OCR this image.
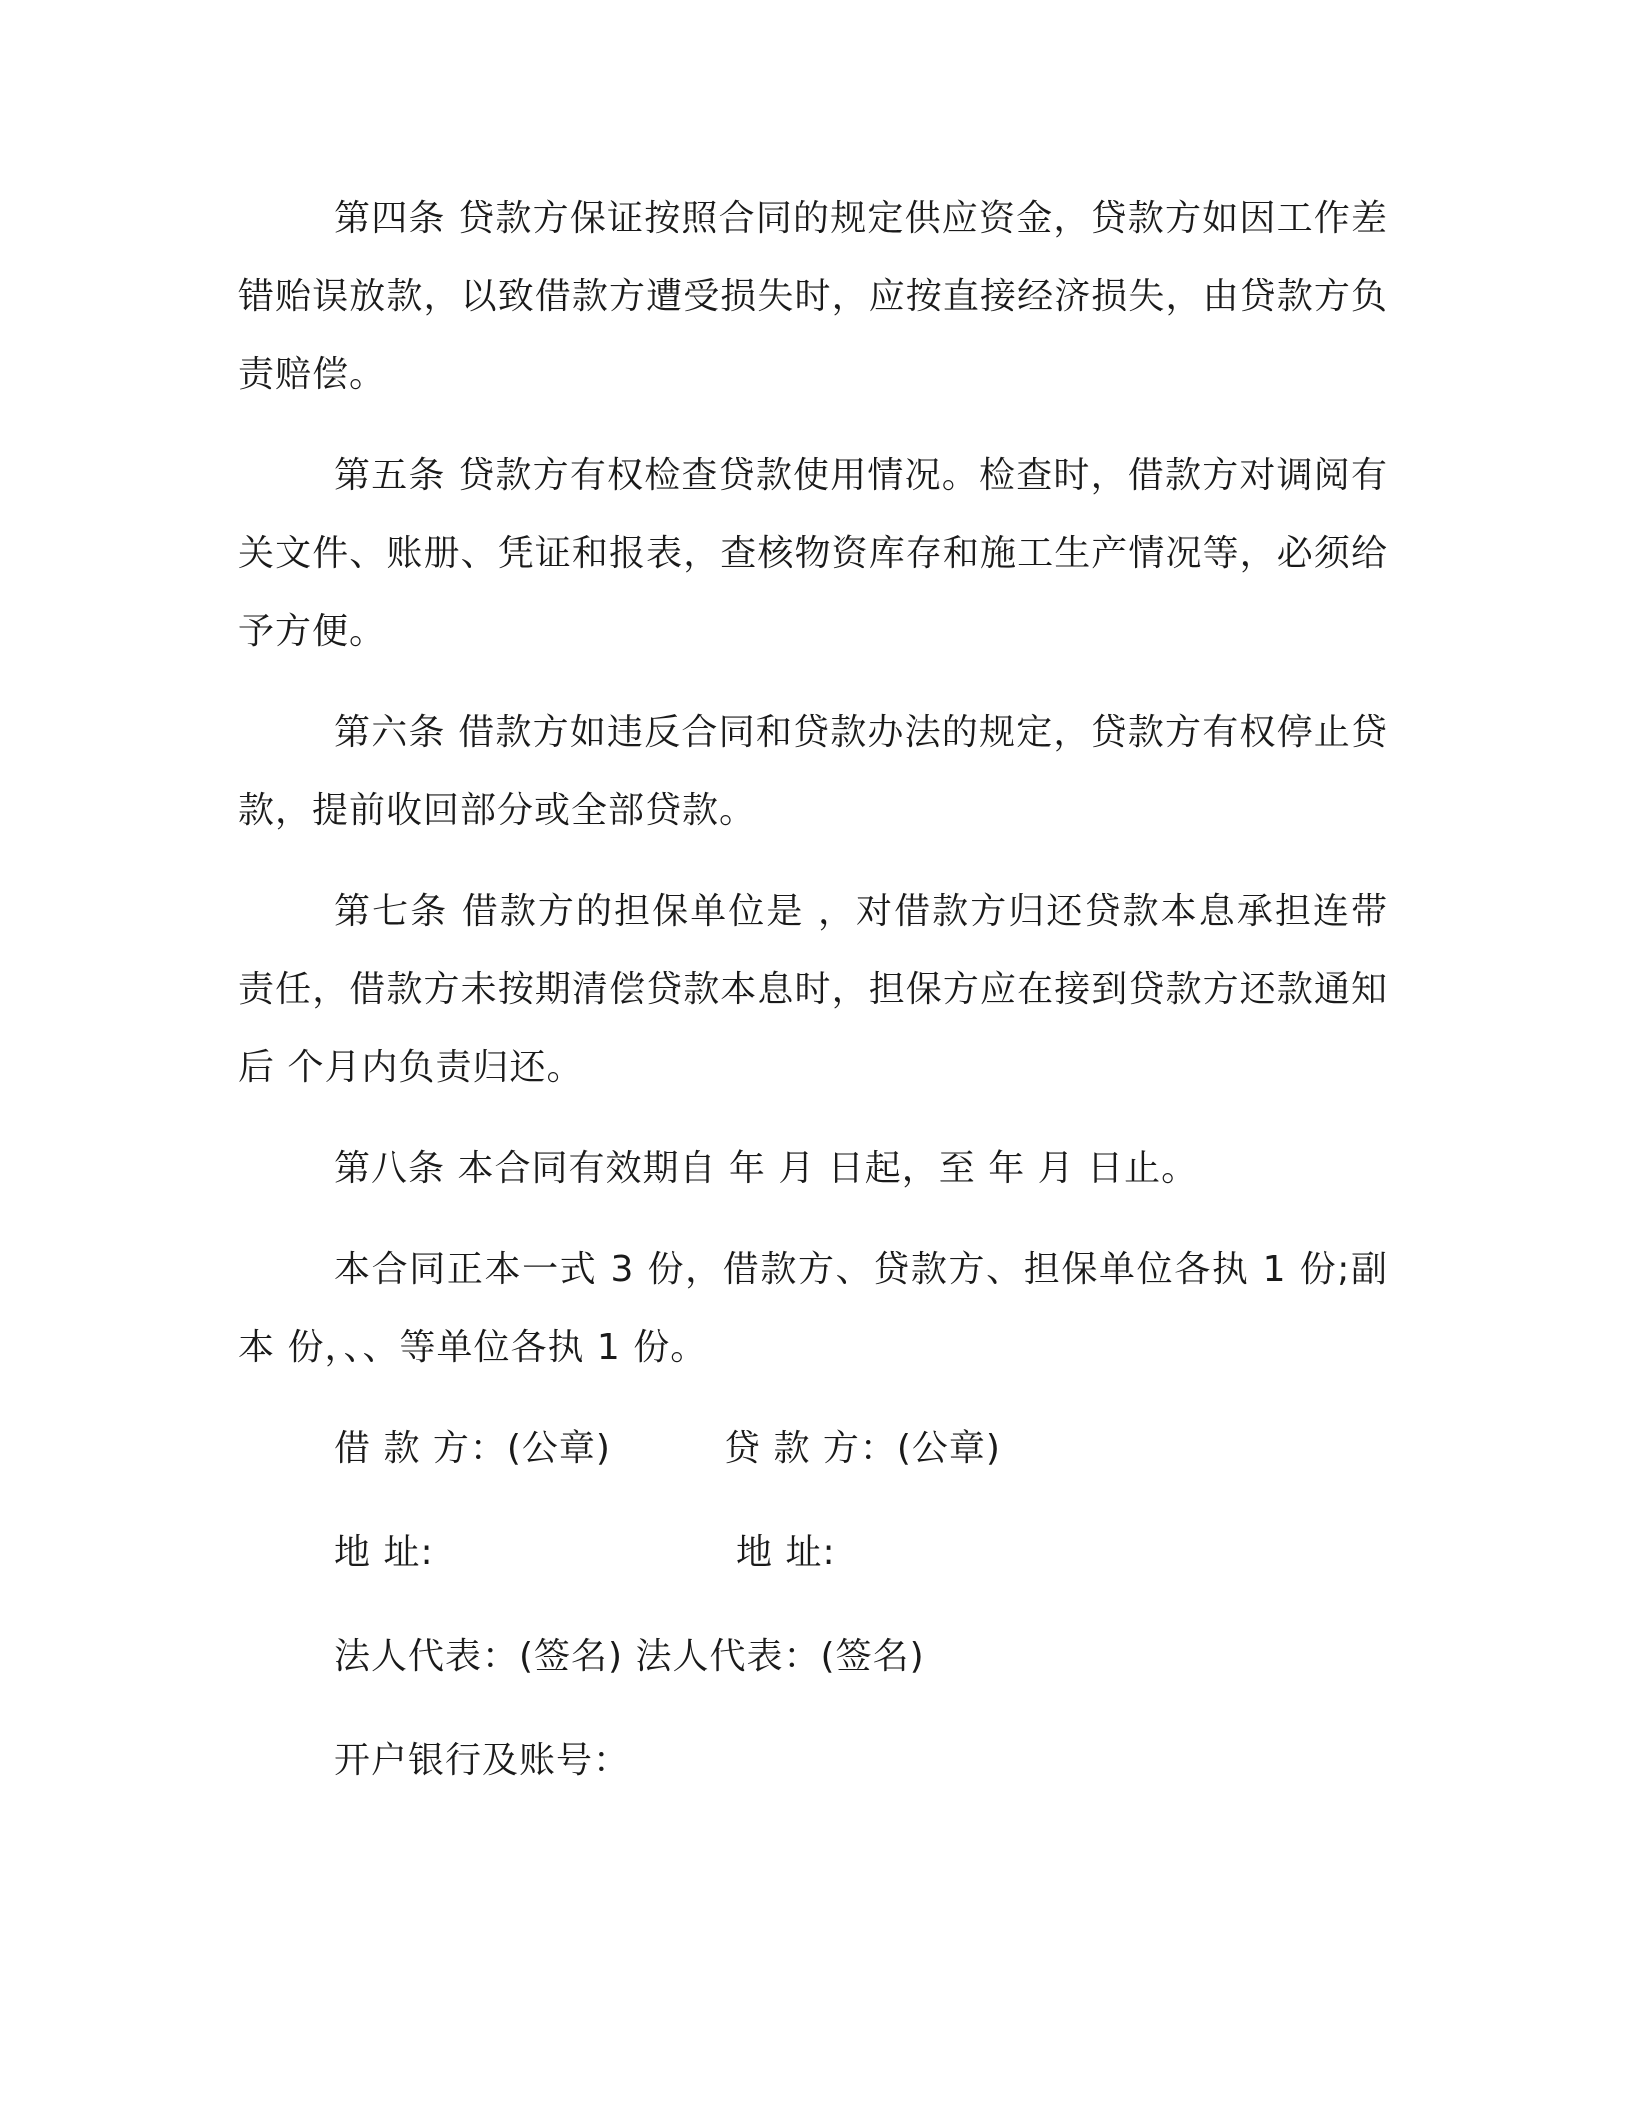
第四条 贷款方保证按照合同的规定供应资金，贷款方如因工作差错贻误放款，以致借款方遭受损失时，应按直接经济损失，由贷款方负责赔偿。

第五条 贷款方有权检查贷款使用情况。检查时，借款方对调阅有关文件、账册、凭证和报表，查核物资库存和施工生产情况等，必须给予方便。

第六条 借款方如违反合同和贷款办法的规定，贷款方有权停止贷款，提前收回部分或全部贷款。

第七条 借款方的担保单位是 ，对借款方归还贷款本息承担连带责任，借款方未按期清偿贷款本息时，担保方应在接到贷款方还款通知后 个月内负责归还。

第八条 本合同有效期自 年 月 日起，至 年 月 日止。

本合同正本一式 3 份，借款方、贷款方、担保单位各执 1 份;副本 份，、、等单位各执 1 份。

借 款 方：(公章)	贷 款 方：(公章)
地 址:	地 址:
法人代表：(签名) 法人代表：(签名)
开户银行及账号：
